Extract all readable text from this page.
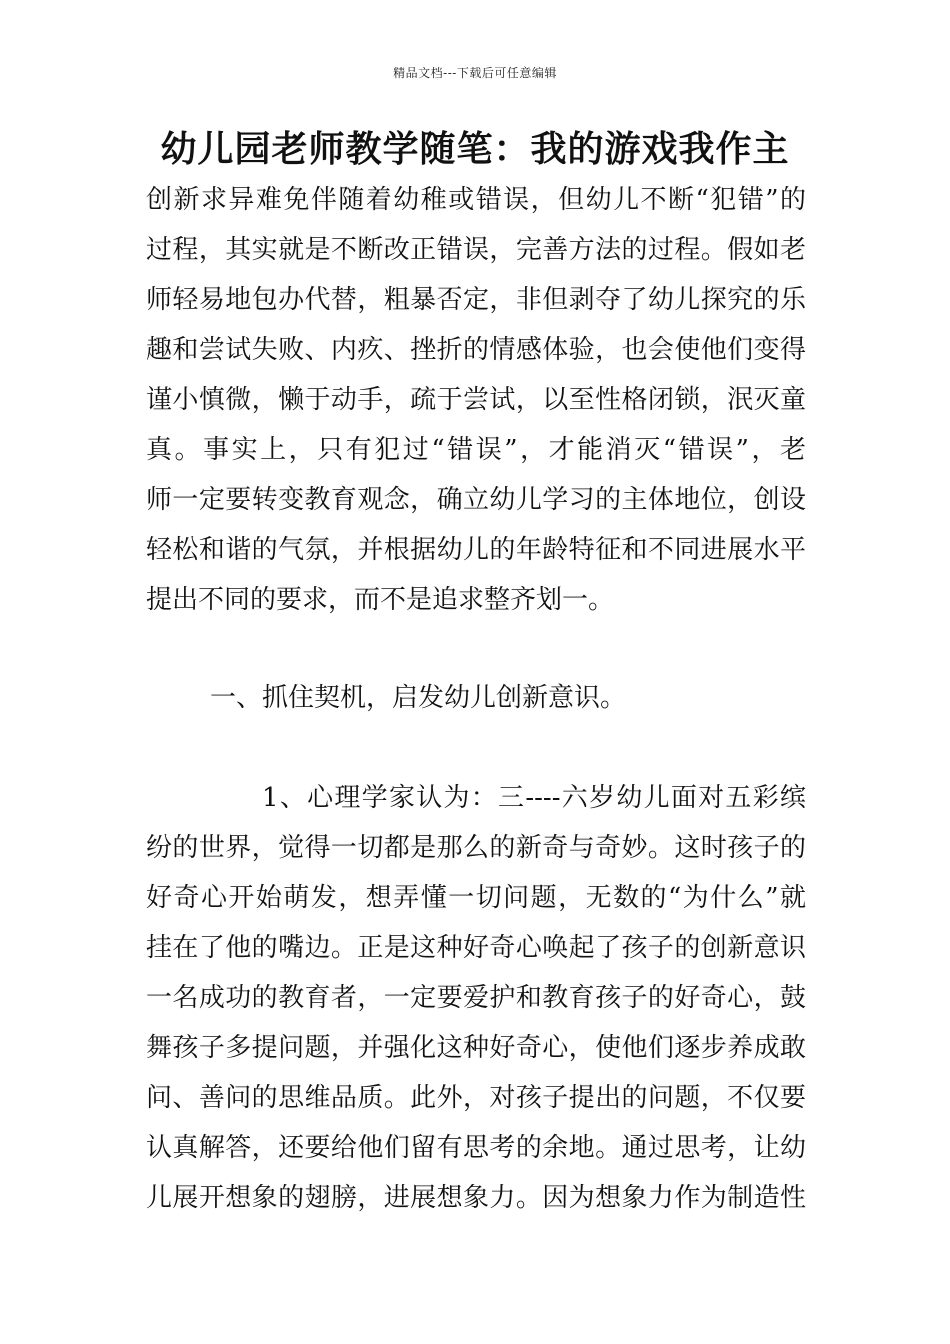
精品文档---下载后可任意编辑
幼儿园老师教学随笔：我的游戏我作主
创新求异难免伴随着幼稚或错误，但幼儿不断“犯错”的
过程，其实就是不断改正错误，完善方法的过程。假如老
师轻易地包办代替，粗暴否定，非但剥夺了幼儿探究的乐
趣和尝试失败、内疚、挫折的情感体验，也会使他们变得
谨小慎微，懒于动手，疏于尝试，以至性格闭锁，泯灭童
真。事实上，只有犯过“错误”，才能消灭“错误”，老
师一定要转变教育观念，确立幼儿学习的主体地位，创设
轻松和谐的气氛，并根据幼儿的年龄特征和不同进展水平
提出不同的要求，而不是追求整齐划一。
一、抓住契机，启发幼儿创新意识。
1、心理学家认为：三----六岁幼儿面对五彩缤
纷的世界，觉得一切都是那么的新奇与奇妙。这时孩子的
好奇心开始萌发，想弄懂一切问题，无数的“为什么”就
挂在了他的嘴边。正是这种好奇心唤起了孩子的创新意识
一名成功的教育者，一定要爱护和教育孩子的好奇心，鼓
舞孩子多提问题，并强化这种好奇心，使他们逐步养成敢
问、善问的思维品质。此外，对孩子提出的问题，不仅要
认真解答，还要给他们留有思考的余地。通过思考，让幼
儿展开想象的翅膀，进展想象力。因为想象力作为制造性
